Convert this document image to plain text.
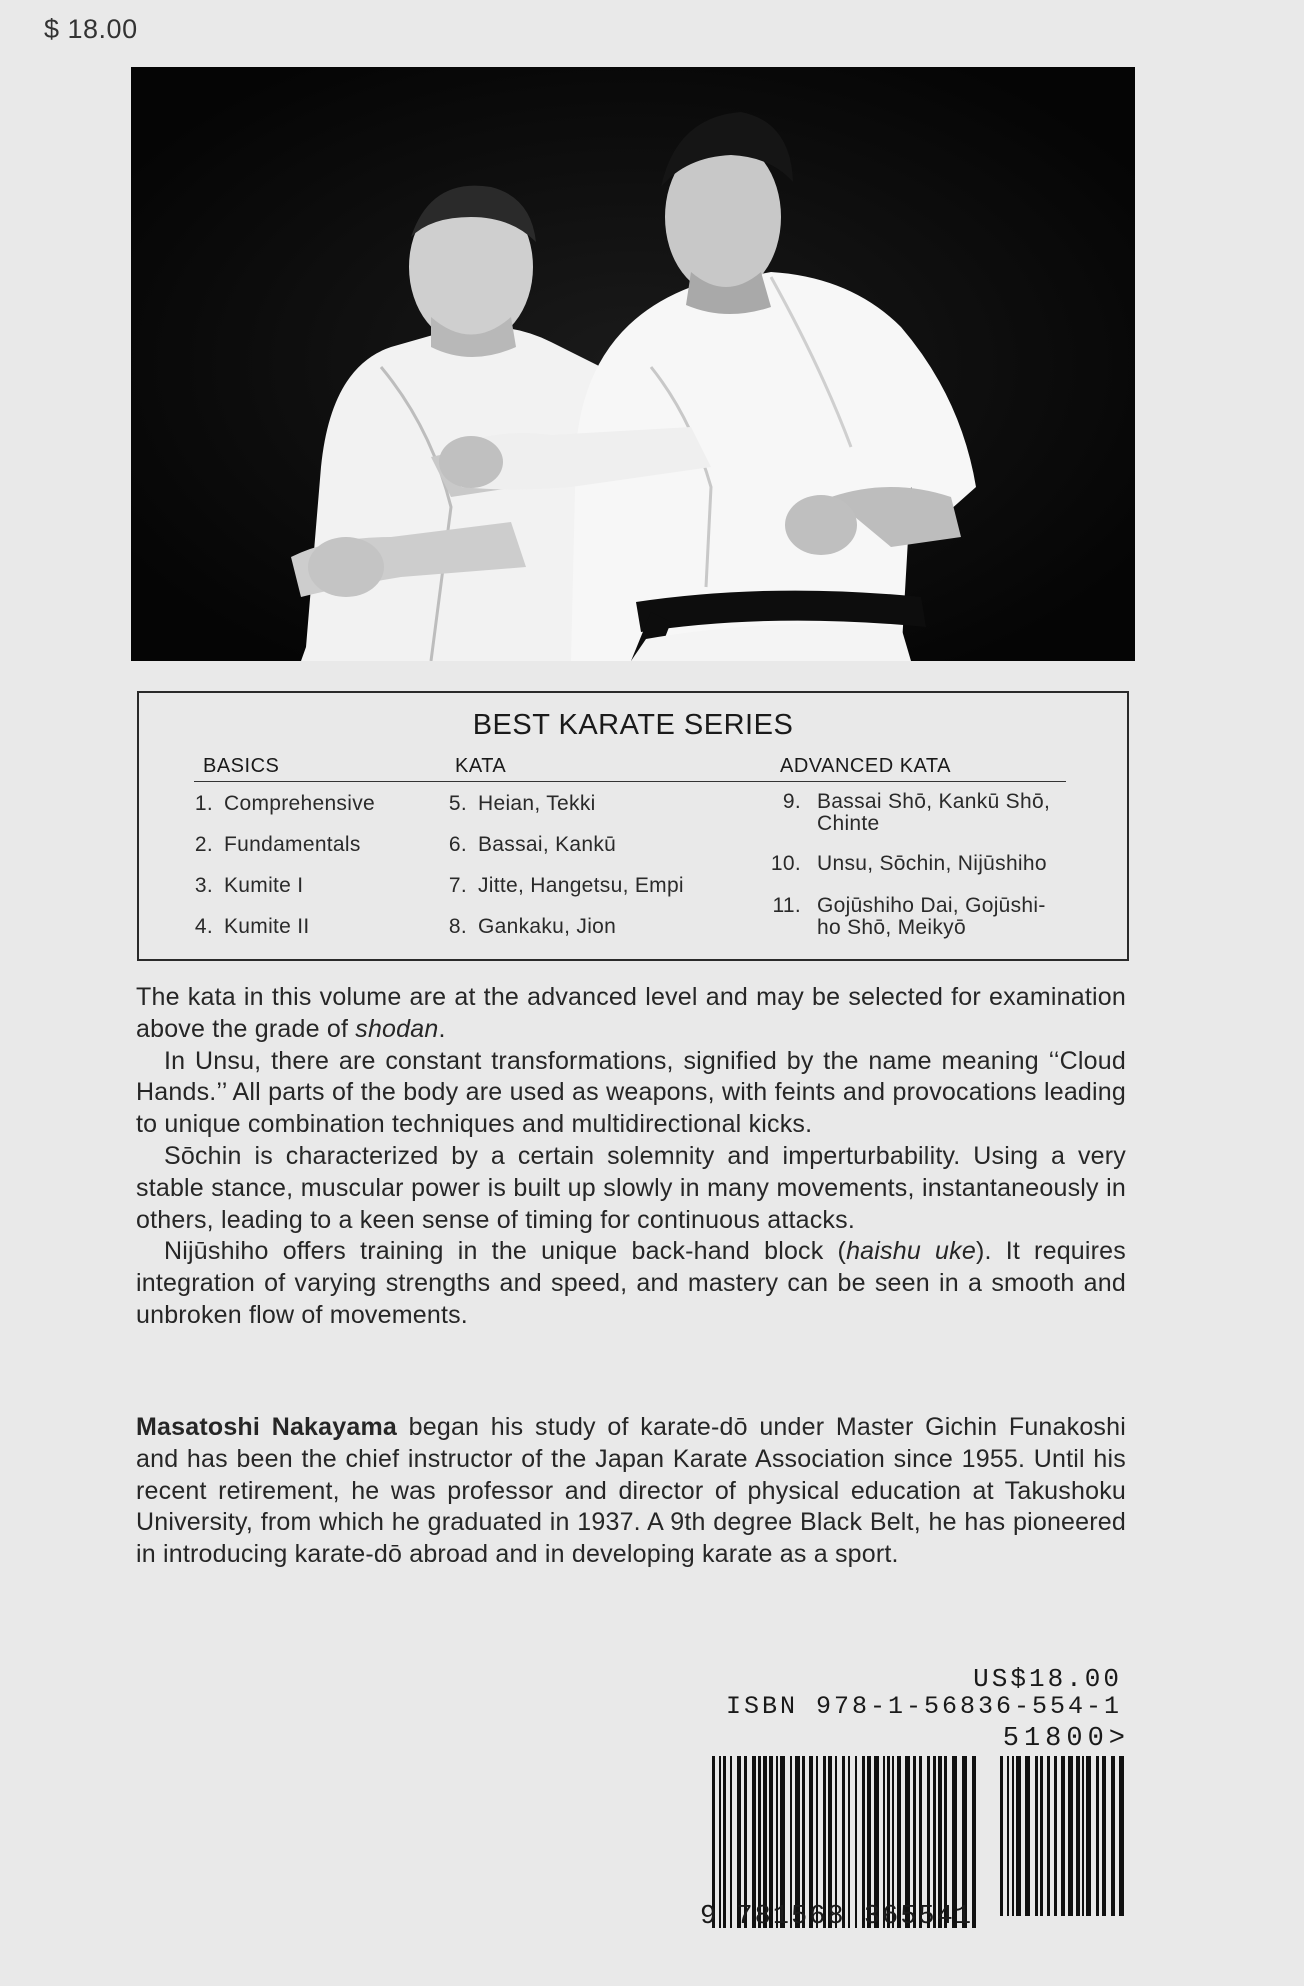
$ 18.00
BEST KARATE SERIES
BASICS	KATA	ADVANCED KATA
1. Comprehensive
2. Fundamentals
3. Kumite I
4. Kumite II
5. Heian, Tekki
6. Bassai, Kankū
7. Jitte, Hangetsu, Empi
8. Gankaku, Jion
9. Bassai Shō, Kankū Shō,
Chinte
10. Unsu, Sōchin, Nijūshiho
11. Gojūshiho Dai, Gojūshi-
ho Shō, Meikyō

The kata in this volume are at the advanced level and may be selected for examination above the grade of shodan.

In Unsu, there are constant transformations, signified by the name meaning ‘‘Cloud Hands.’’ All parts of the body are used as weapons, with feints and provocations leading to unique combination techniques and multidirectional kicks.

Sōchin is characterized by a certain solemnity and imperturbability. Using a very stable stance, muscular power is built up slowly in many movements, instantaneously in others, leading to a keen sense of timing for continuous attacks.

Nijūshiho offers training in the unique back-hand block (haishu uke). It requires integration of varying strengths and speed, and mastery can be seen in a smooth and unbroken flow of movements.

Masatoshi Nakayama began his study of karate-dō under Master Gichin Funakoshi and has been the chief instructor of the Japan Karate Association since 1955. Until his recent retirement, he was professor and director of physical education at Takushoku University, from which he graduated in 1937. A 9th degree Black Belt, he has pioneered in introducing karate-dō abroad and in developing karate as a sport.

US$18.00
ISBN 978-1-56836-554-1
51800>
9 781568 365541
